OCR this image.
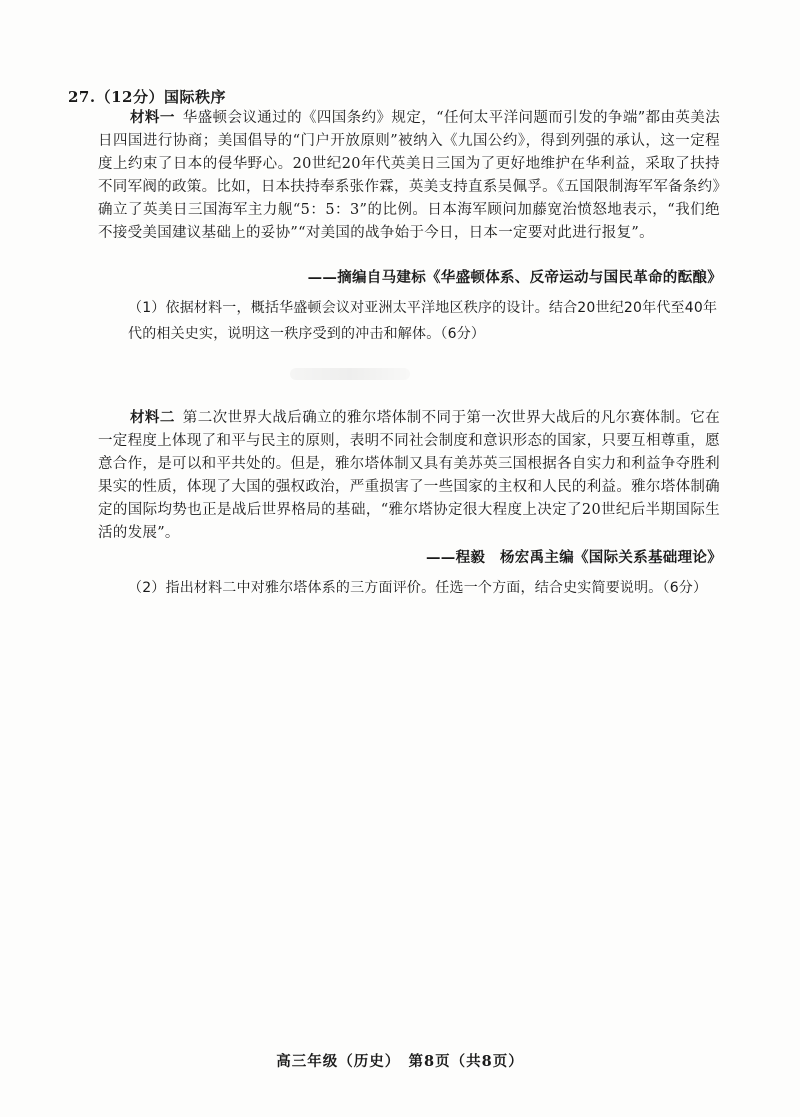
27.（12分）国际秩序
材料一 华盛顿会议通过的《四国条约》规定，“任何太平洋问题而引发的争端”都由英美法日四国进行协商；美国倡导的“门户开放原则”被纳入《九国公约》，得到列强的承认，这一定程度上约束了日本的侵华野心。20世纪20年代英美日三国为了更好地维护在华利益，采取了扶持不同军阀的政策。比如，日本扶持奉系张作霖，英美支持直系吴佩孚。《五国限制海军军备条约》确立了英美日三国海军主力舰“5：5：3”的比例。日本海军顾问加藤宽治愤怒地表示，“我们绝不接受美国建议基础上的妥协”“对美国的战争始于今日，日本一定要对此进行报复”。
——摘编自马建标《华盛顿体系、反帝运动与国民革命的酝酿》
（1）依据材料一，概括华盛顿会议对亚洲太平洋地区秩序的设计。结合20世纪20年代至40年代的相关史实，说明这一秩序受到的冲击和解体。（6分）
材料二 第二次世界大战后确立的雅尔塔体制不同于第一次世界大战后的凡尔赛体制。它在一定程度上体现了和平与民主的原则，表明不同社会制度和意识形态的国家，只要互相尊重，愿意合作，是可以和平共处的。但是，雅尔塔体制又具有美苏英三国根据各自实力和利益争夺胜利果实的性质，体现了大国的强权政治，严重损害了一些国家的主权和人民的利益。雅尔塔体制确定的国际均势也正是战后世界格局的基础，“雅尔塔协定很大程度上决定了20世纪后半期国际生活的发展”。
——程毅　杨宏禹主编《国际关系基础理论》
（2）指出材料二中对雅尔塔体系的三方面评价。任选一个方面，结合史实简要说明。（6分）
高三年级（历史）　第8页（共8页）
